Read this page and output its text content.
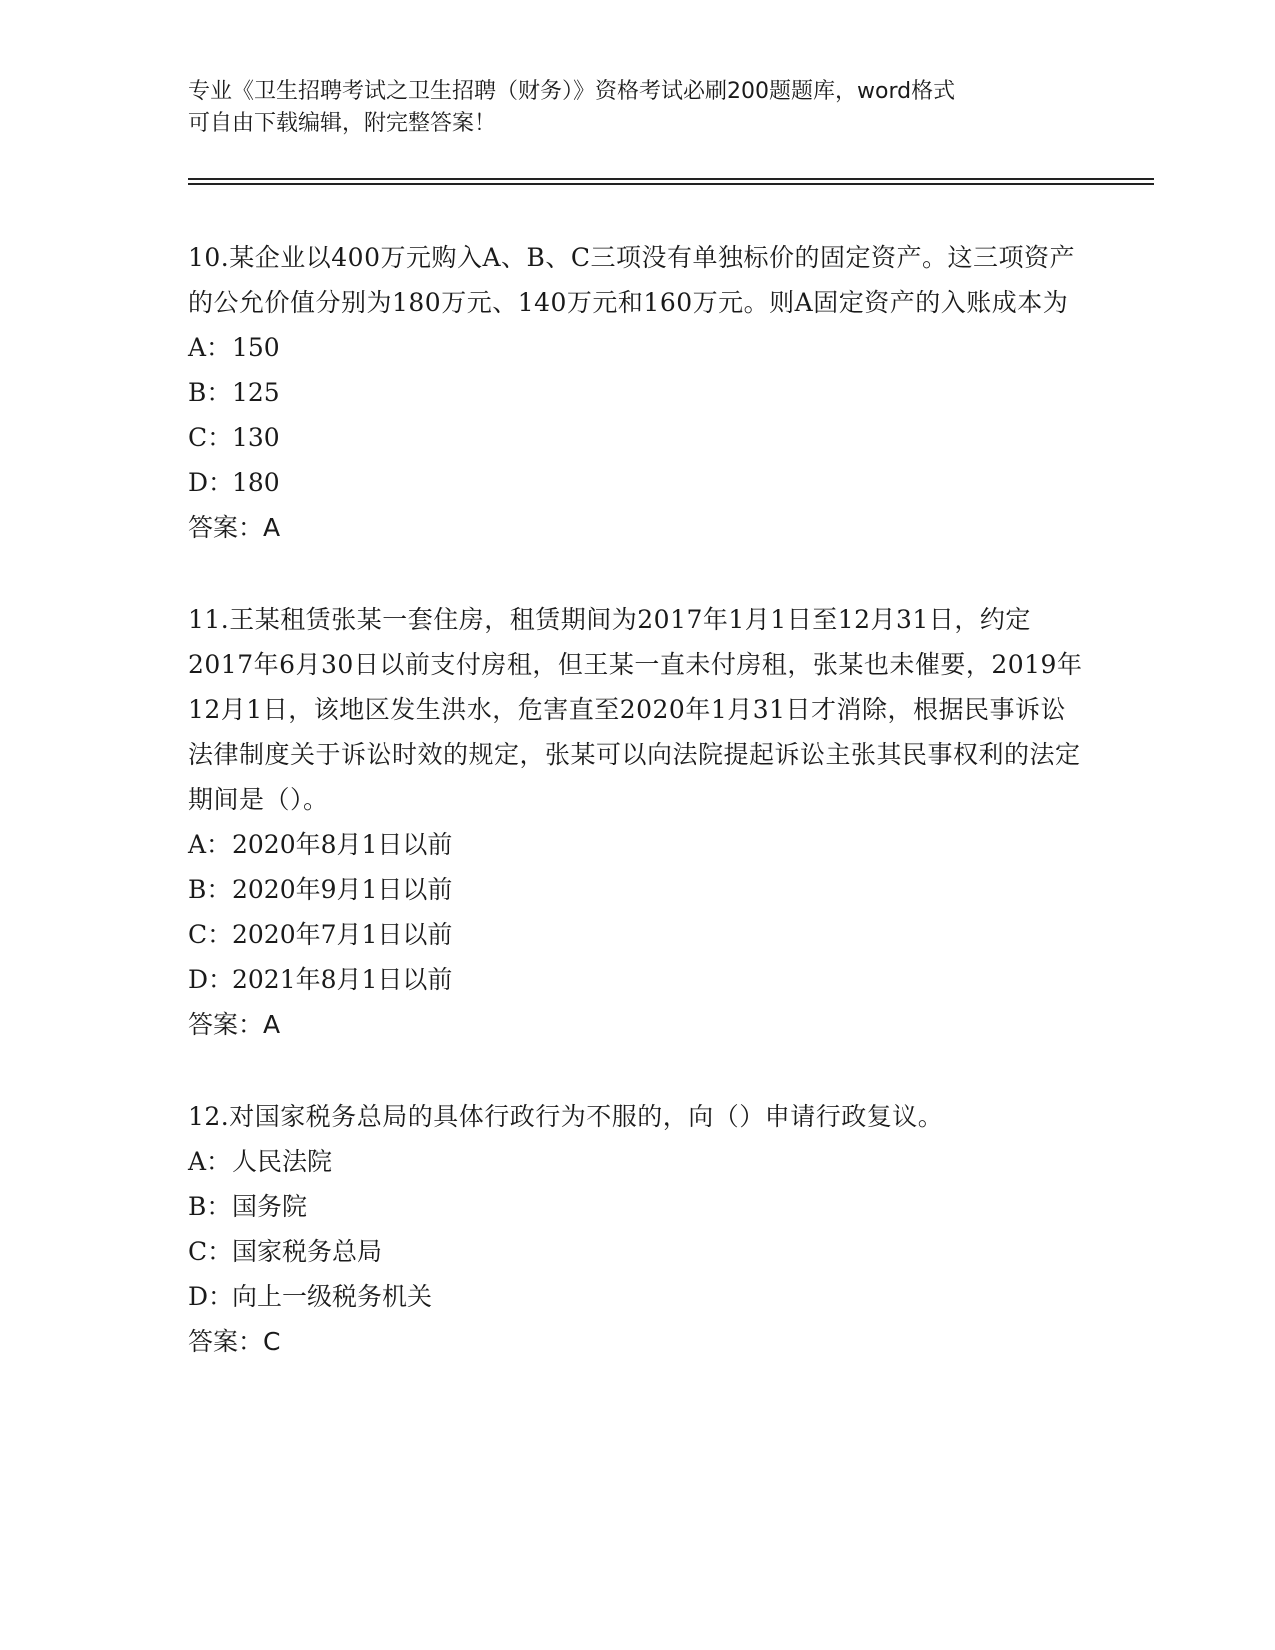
专业《卫生招聘考试之卫生招聘（财务）》资格考试必刷200题题库，word格式
可自由下载编辑，附完整答案！
10.某企业以400万元购入A、B、C三项没有单独标价的固定资产。这三项资产的公允价值分别为180万元、140万元和160万元。则A固定资产的入账成本为
A：150
B：125
C：130
D：180
答案：A
11.王某租赁张某一套住房，租赁期间为2017年1月1日至12月31日，约定2017年6月30日以前支付房租，但王某一直未付房租，张某也未催要，2019年12月1日，该地区发生洪水，危害直至2020年1月31日才消除，根据民事诉讼法律制度关于诉讼时效的规定，张某可以向法院提起诉讼主张其民事权利的法定期间是（）。
A：2020年8月1日以前
B：2020年9月1日以前
C：2020年7月1日以前
D：2021年8月1日以前
答案：A
12.对国家税务总局的具体行政行为不服的，向（）申请行政复议。
A：人民法院
B：国务院
C：国家税务总局
D：向上一级税务机关
答案：C
